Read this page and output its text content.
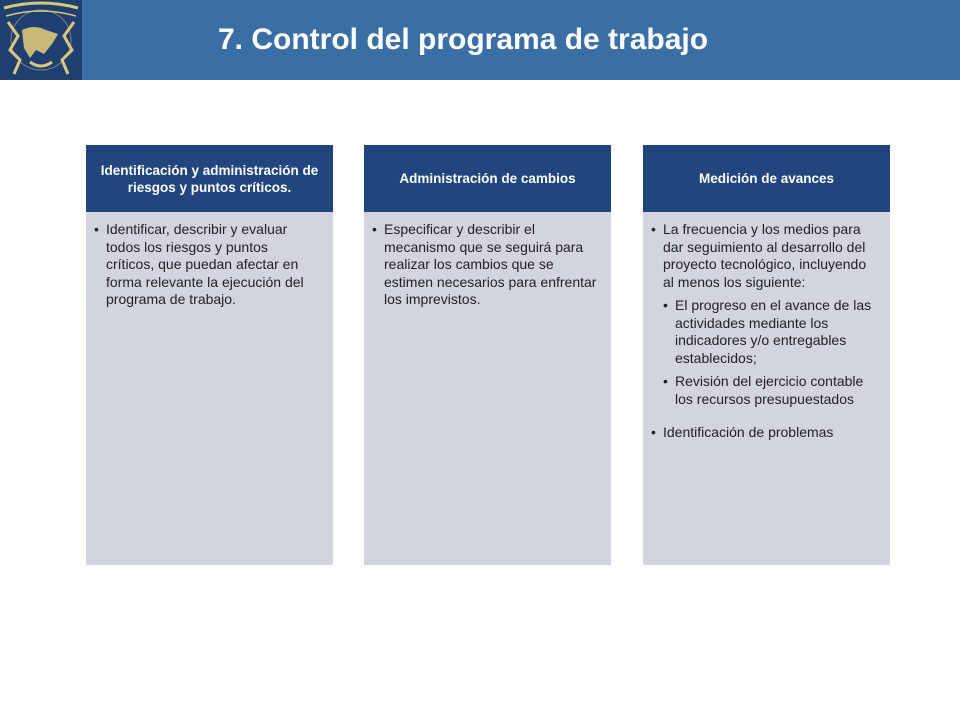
7. Control del programa de trabajo
Identificación y administración de riesgos y puntos críticos.
• Identificar, describir y evaluar todos los riesgos y puntos críticos, que puedan afectar en forma relevante la ejecución del programa de trabajo.
Administración de cambios
• Especificar y describir el mecanismo que se seguirá para realizar los cambios que se estimen necesarios para enfrentar los imprevistos.
Medición de avances
• La frecuencia y los medios para dar seguimiento al desarrollo del proyecto tecnológico, incluyendo al menos los siguiente:
• El progreso en el avance de las actividades mediante los indicadores y/o entregables establecidos;
• Revisión del ejercicio contable los recursos presupuestados
• Identificación de problemas
